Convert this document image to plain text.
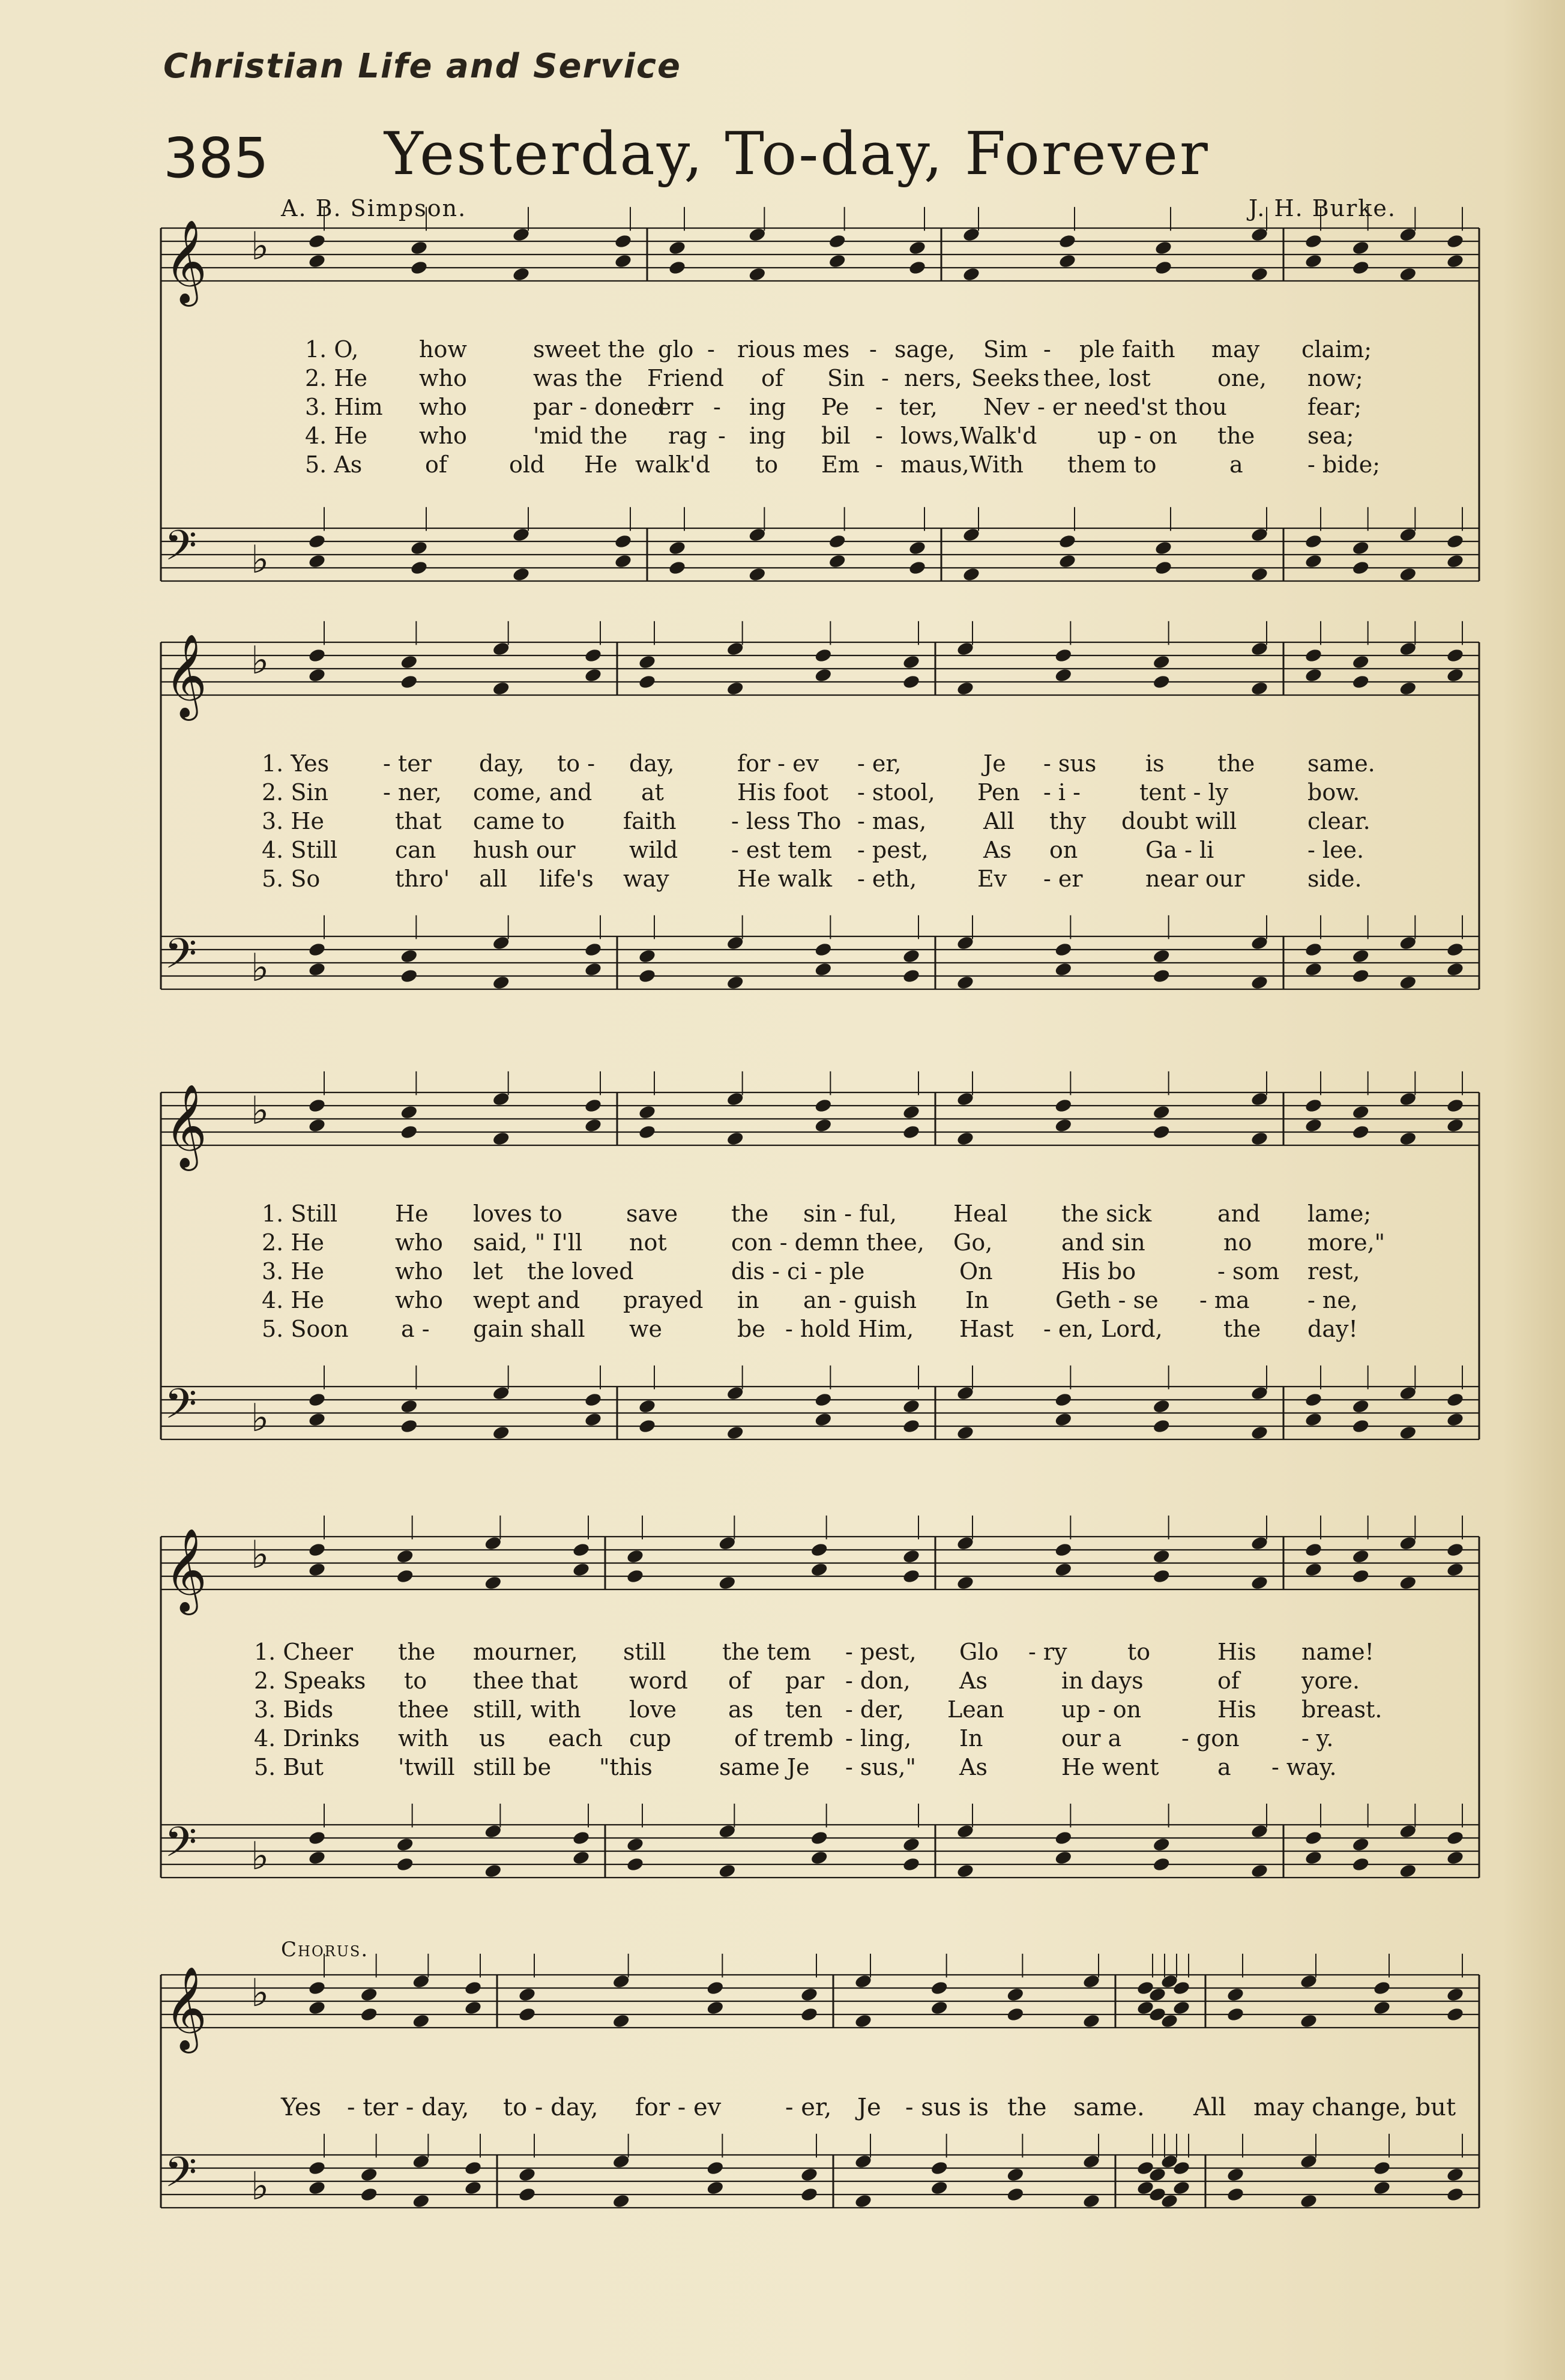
Christian Life and Service
385 Yesterday, To-day, Forever
A. B. Simpson.	J. H. Burke.
𝄞 ♭
𝄢 ♭
1. O,	how	sweet the glo - rious mes - sage, Sim - ple faith may claim;
2. He who	was the Friend of Sin - ners, Seeks thee, lost	one, now;
3. Him who	par - doned
err - ing Pe - ter, Nev - er need'st thou	fear;
4. He who	'mid the rag - ing bil - lows,Walk'd	up - on the sea;
5. As	of	old He walk'd to Em - maus,With them to	a	- bide;
𝄞 ♭
𝄢 ♭
1. Yes - ter day, to - day,	for - ev - er,	Je - sus is the same.
2. Sin - ner, come, and at	His foot - stool, Pen - i -	tent - ly	bow.
3. He	that came to	faith - less Tho - mas, All thy doubt will	clear.
4. Still	can hush our wild - est tem - pest, As on	Ga - li	- lee.
5. So	thro' all life's way	He walk - eth,	Ev - er	near our	side.
𝄞 ♭
𝄢 ♭
1. Still	He loves to	save the sin - ful, Heal the sick	and lame;
2. He	who said, " I'll not	con - demn thee, Go,	and sin	no more,"
3. He	who let the loved	dis - ci - ple	On	His bo	- som rest,
4. He	who wept and prayed in an - guish In	Geth - se - ma	- ne,
5. Soon a - gain shall we	be - hold Him, Hast - en, Lord,	the day!
𝄞 ♭
𝄢 ♭
1. Cheer the mourner, still the tem - pest, Glo - ry	to	His name!
2. Speaks to thee that word of par - don, As	in days	of	yore.
3. Bids	thee still, with love as ten - der, Lean	up - on	His breast.
4. Drinks with us each cup	of tremb - ling, In	our a	- gon	- y.
5. But	'twill still be "this	same Je - sus," As	He went	a - way.
Chorus.
𝄞 ♭
𝄢 ♭
Yes - ter - day, to - day, for - ev	- er, Je - sus is the same. All may change, but
